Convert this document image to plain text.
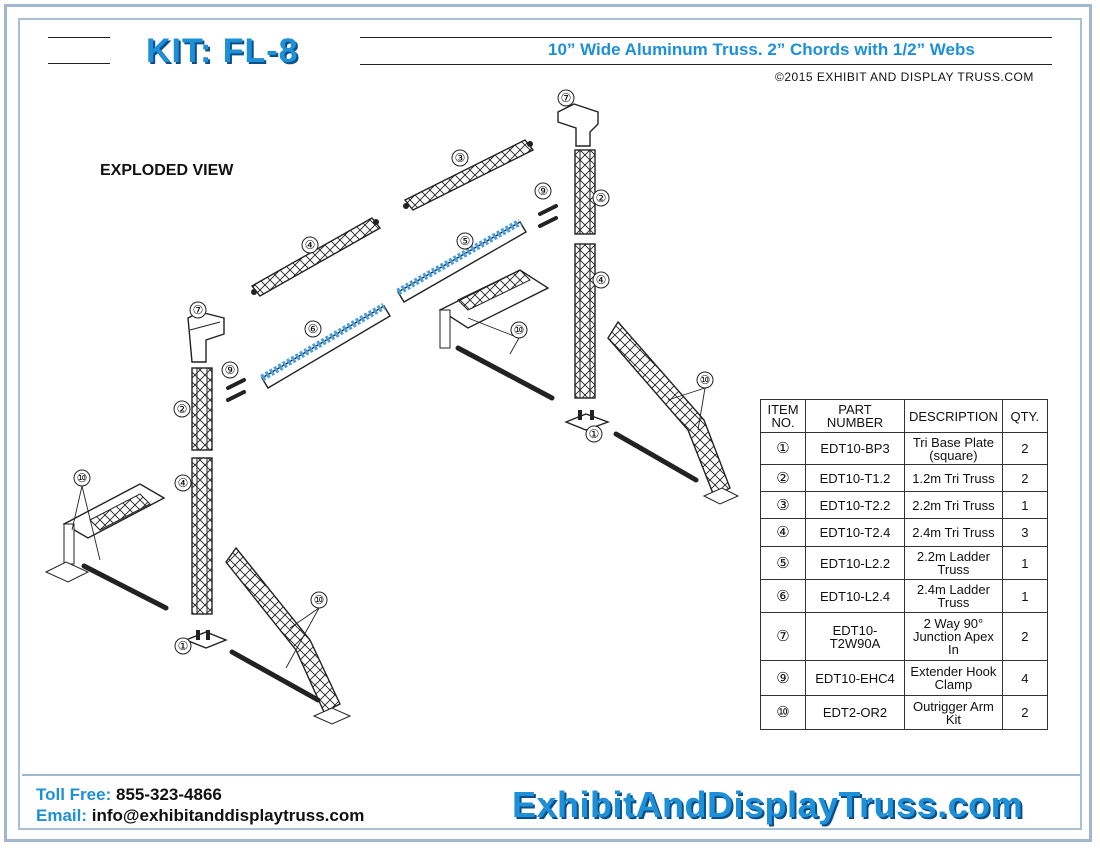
KIT: FL-8	10” Wide Aluminum Truss. 2” Chords with 1/2” Webs
©2015 EXHIBIT AND DISPLAY TRUSS.COM
EXPLODED VIEW
⑦
②
④
①
③
⑨
④	⑤
⑩
⑥
⑦
⑨
②
④
⑩
⑩
⑩
①
ITEM NO.	PART NUMBER	DESCRIPTION	QTY.
①	EDT10-BP3	Tri Base Plate (square)	2
②	EDT10-T1.2	1.2m Tri Truss	2
③	EDT10-T2.2	2.2m Tri Truss	1
④	EDT10-T2.4	2.4m Tri Truss	3
⑤	EDT10-L2.2	2.2m Ladder Truss	1
⑥	EDT10-L2.4	2.4m Ladder Truss	1
⑦	EDT10-T2W90A	2 Way 90° Junction Apex In	2
⑨	EDT10-EHC4	Extender Hook Clamp	4
⑩	EDT2-OR2	Outrigger Arm Kit	2
Toll Free: 855-323-4866
Email: info@exhibitanddisplaytruss.com	ExhibitAndDisplayTruss.com
